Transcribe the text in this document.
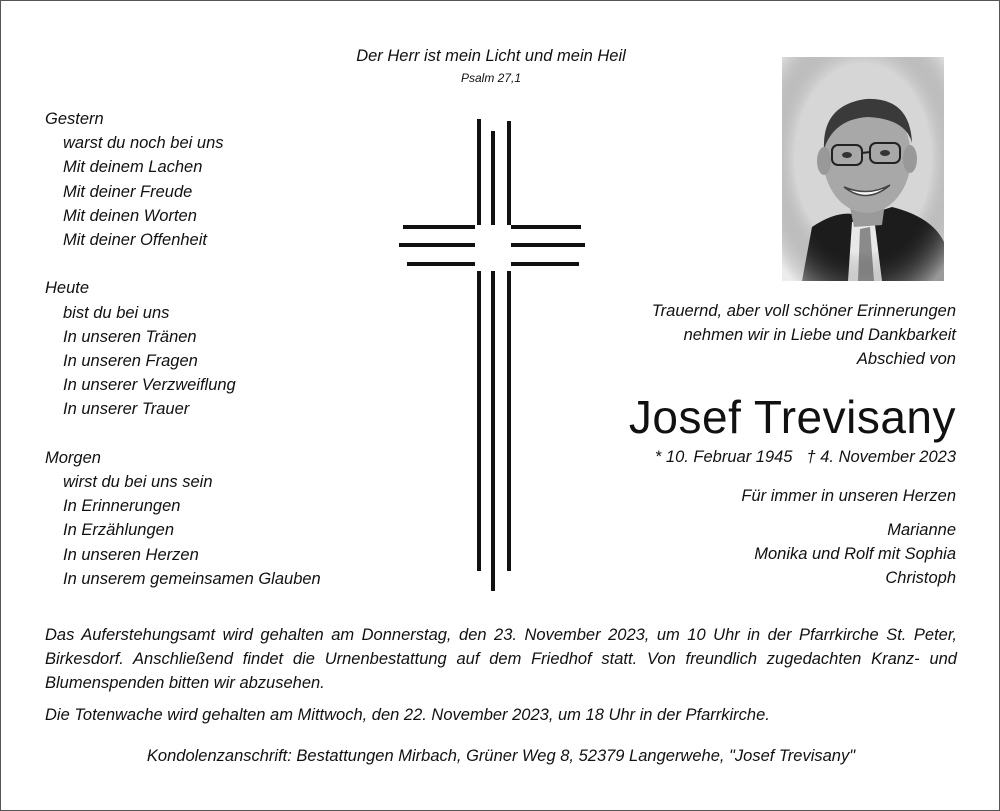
Der Herr ist mein Licht und mein Heil
Psalm 27,1
Gestern
warst du noch bei uns
Mit deinem Lachen
Mit deiner Freude
Mit deinen Worten
Mit deiner Offenheit
Heute
bist du bei uns
In unseren Tränen
In unseren Fragen
In unserer Verzweiflung
In unserer Trauer
Morgen
wirst du bei uns sein
In Erinnerungen
In Erzählungen
In unseren Herzen
In unserem gemeinsamen Glauben
Trauernd, aber voll schöner Erinnerungen
nehmen wir in Liebe und Dankbarkeit
Abschied von
Josef Trevisany
* 10. Februar 1945 † 4. November 2023
Für immer in unseren Herzen
Marianne
Monika und Rolf mit Sophia
Christoph
Das Auferstehungsamt wird gehalten am Donnerstag, den 23. November 2023, um 10 Uhr in der Pfarrkirche St. Peter, Birkesdorf. Anschließend findet die Urnenbestattung auf dem Friedhof statt. Von freundlich zugedachten Kranz- und Blumenspenden bitten wir abzusehen.
Die Totenwache wird gehalten am Mittwoch, den 22. November 2023, um 18 Uhr in der Pfarrkirche.
Kondolenzanschrift: Bestattungen Mirbach, Grüner Weg 8, 52379 Langerwehe, "Josef Trevisany"
